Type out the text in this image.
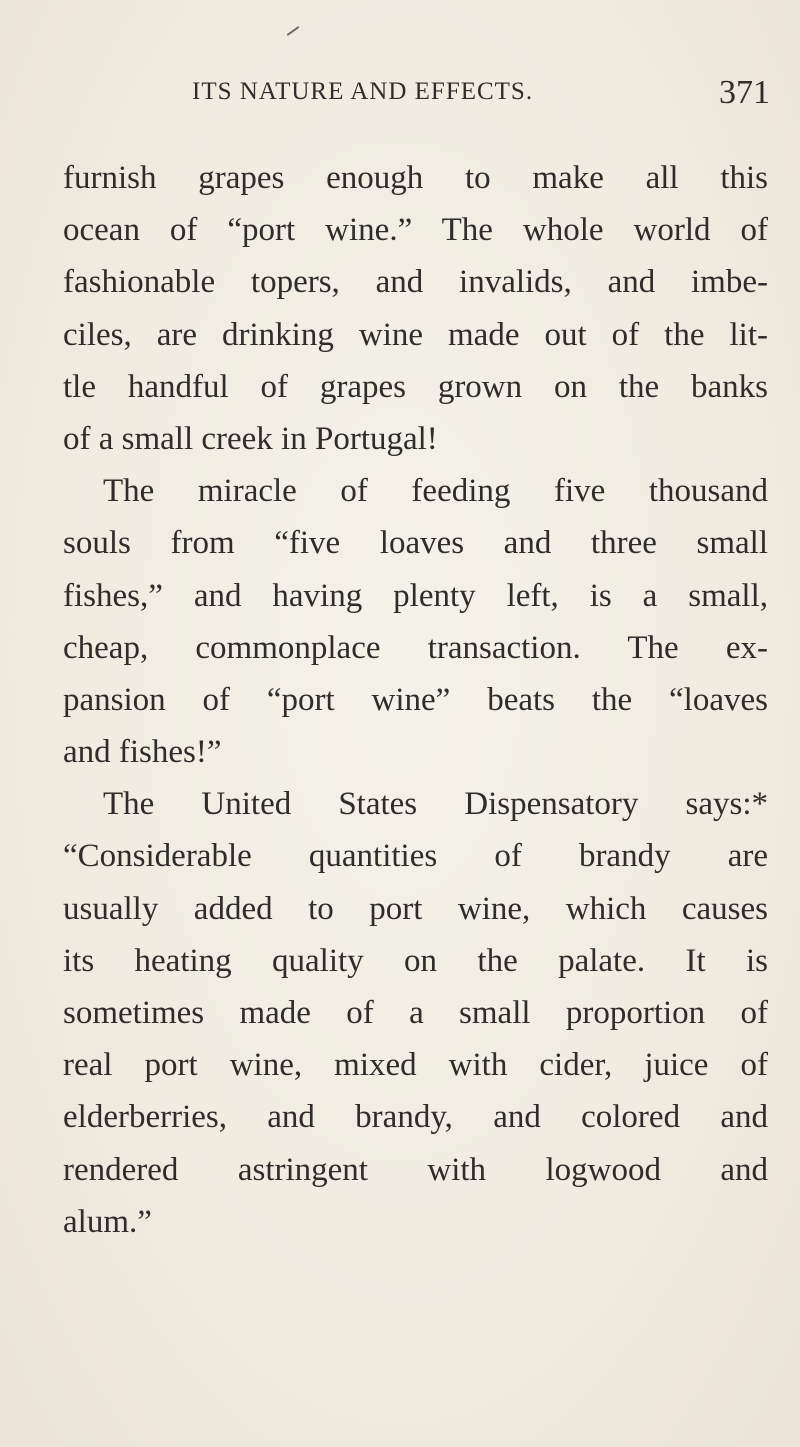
ITS NATURE AND EFFECTS.	371
furnish grapes enough to make all this
ocean of “port wine.” The whole world of
fashionable topers, and invalids, and imbe-
ciles, are drinking wine made out of the lit-
tle handful of grapes grown on the banks
of a small creek in Portugal!
The miracle of feeding five thousand
souls from “five loaves and three small
fishes,” and having plenty left, is a small,
cheap, commonplace transaction. The ex-
pansion of “port wine” beats the “loaves
and fishes!”
The United States Dispensatory says:*
“Considerable quantities of brandy are
usually added to port wine, which causes
its heating quality on the palate. It is
sometimes made of a small proportion of
real port wine, mixed with cider, juice of
elderberries, and brandy, and colored and
rendered astringent with logwood and
alum.”
